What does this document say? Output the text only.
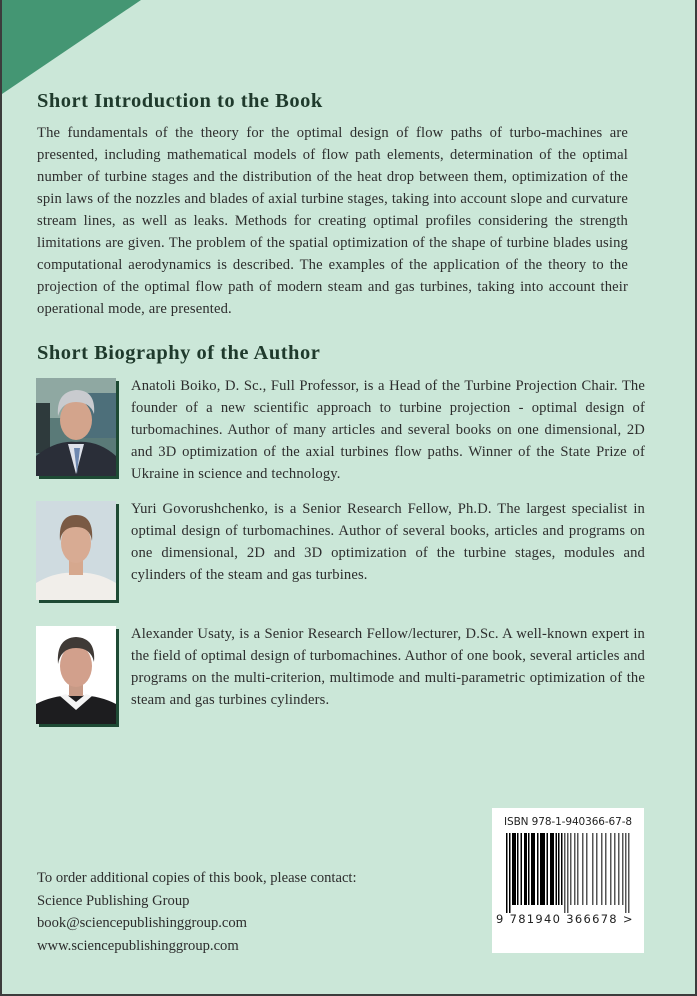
Short Introduction to the Book
The fundamentals of the theory for the optimal design of flow paths of turbo-machines are presented, including mathematical models of flow path elements, determination of the optimal number of turbine stages and the distribution of the heat drop between them, optimization of the spin laws of the nozzles and blades of axial turbine stages, taking into account slope and curvature stream lines, as well as leaks. Methods for creating optimal profiles considering the strength limitations are given. The problem of the spatial optimization of the shape of turbine blades using computational aerodynamics is described. The examples of the application of the theory to the projection of the optimal flow path of modern steam and gas turbines, taking into account their operational mode, are presented.
Short Biography of the Author
Anatoli Boiko, D. Sc., Full Professor, is a Head of the Turbine Projection Chair. The founder of a new scientific approach to turbine projection - optimal design of turbomachines. Author of many articles and several books on one dimensional, 2D and 3D optimization of the axial turbines flow paths. Winner of the State Prize of Ukraine in science and technology.
Yuri Govorushchenko, is a Senior Research Fellow, Ph.D. The largest specialist in optimal design of turbomachines. Author of several books, articles and programs on one dimensional, 2D and 3D optimization of the turbine stages, modules and cylinders of the steam and gas turbines.
Alexander Usaty, is a Senior Research Fellow/lecturer, D.Sc. A well-known expert in the field of optimal design of turbomachines. Author of one book, several articles and programs on the multi-criterion, multimode and multi-parametric optimization of the steam and gas turbines cylinders.
To order additional copies of this book, please contact:
Science Publishing Group
book@sciencepublishinggroup.com
www.sciencepublishinggroup.com
ISBN 978-1-940366-67-8
9 781940 366678 >
